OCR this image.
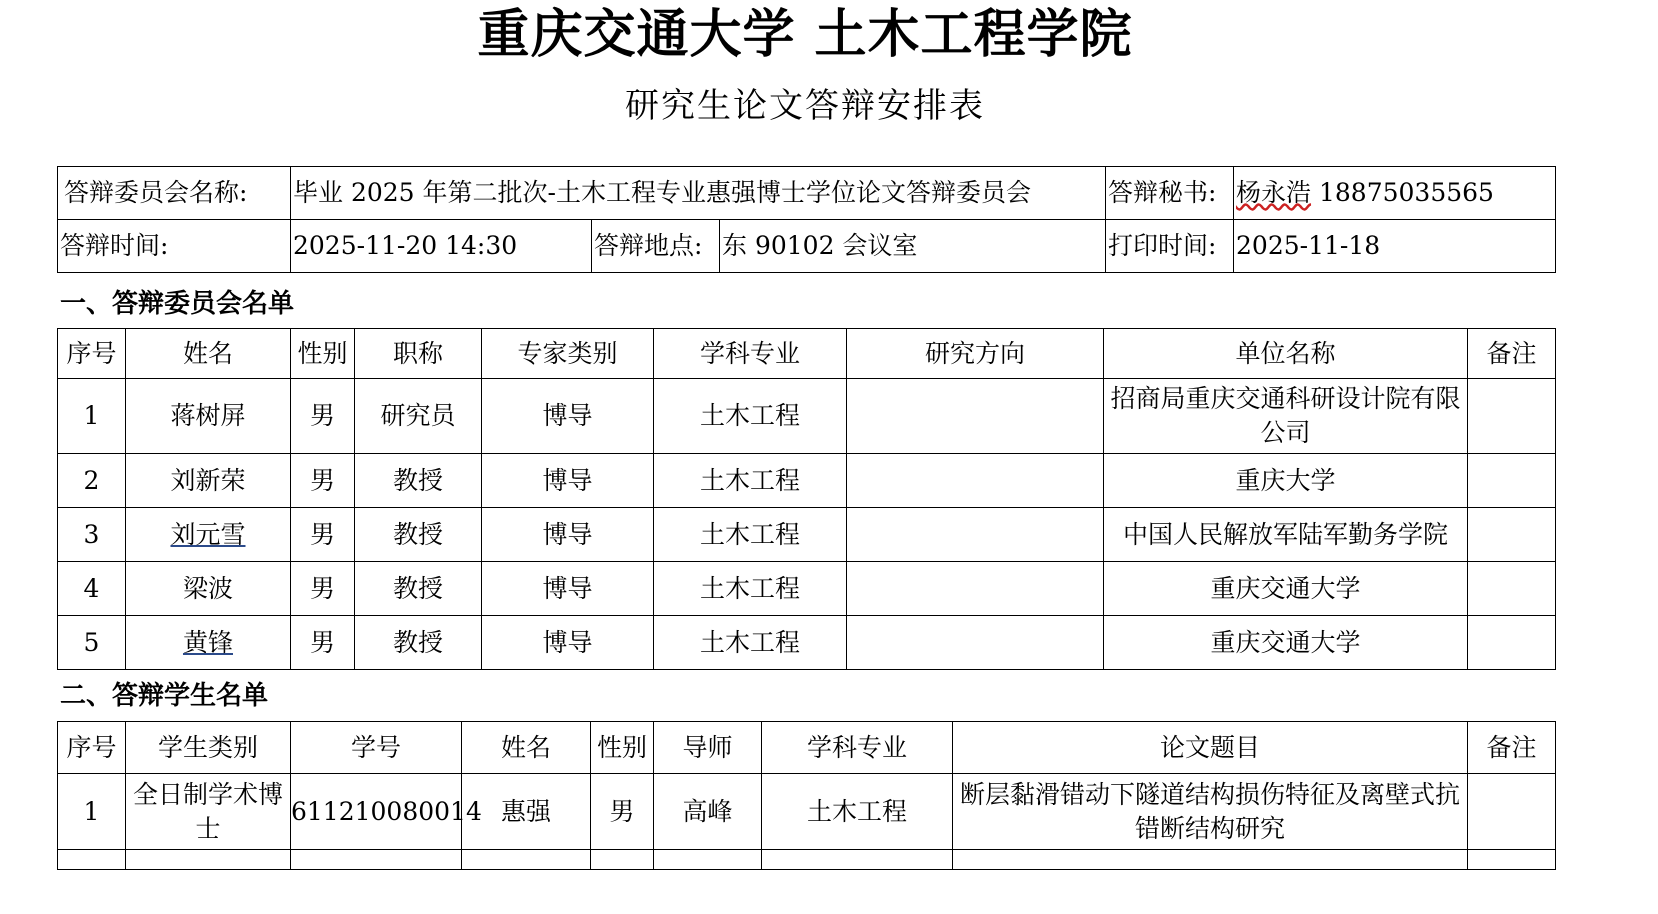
重庆交通大学 土木工程学院
研究生论文答辩安排表
答辩委员会名称:	毕业 2025 年第二批次-土木工程专业惠强博士学位论文答辩委员会			答辩秘书:	杨永浩 18875035565
答辩时间:	2025-11-20 14:30	答辩地点:	东 90102 会议室	打印时间:	2025-11-18
一、答辩委员会名单
序号	姓名	性别	职称	专家类别	学科专业	研究方向	单位名称	备注
1	蒋树屏	男	研究员	博导	土木工程		招商局重庆交通科研设计院有限公司	
2	刘新荣	男	教授	博导	土木工程		重庆大学	
3	刘元雪	男	教授	博导	土木工程		中国人民解放军陆军勤务学院	
4	梁波	男	教授	博导	土木工程		重庆交通大学	
5	黄锋	男	教授	博导	土木工程		重庆交通大学	
二、答辩学生名单
序号	学生类别	学号	姓名	性别	导师	学科专业	论文题目	备注
1	全日制学术博士	611210080014	惠强	男	高峰	土木工程	断层黏滑错动下隧道结构损伤特征及离壁式抗错断结构研究	
